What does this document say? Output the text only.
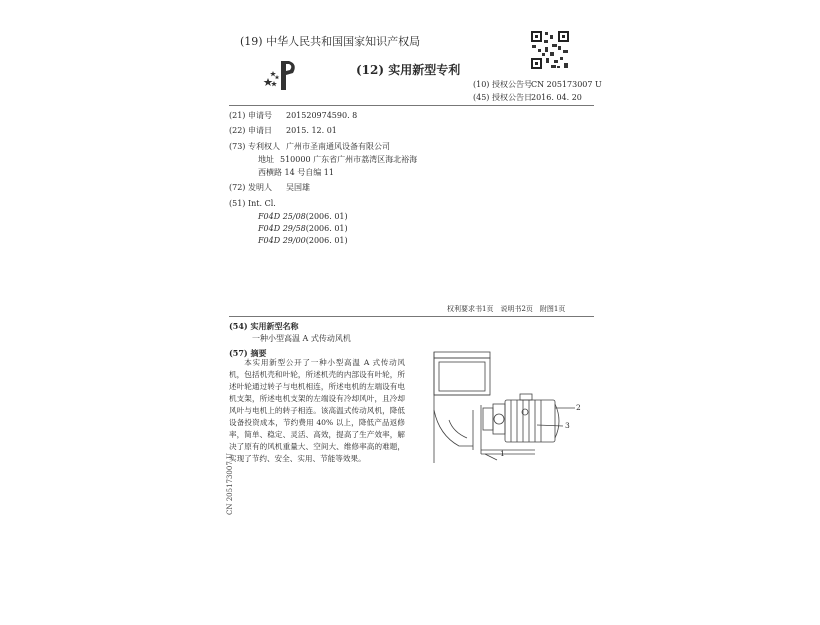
(19) 中华人民共和国国家知识产权局
(12) 实用新型专利
(10) 授权公告号 CN 205173007 U
(45) 授权公告日 2016. 04. 20
(21) 申请号 201520974590. 8
(22) 申请日 2015. 12. 01
(73) 专利权人 广州市圣南通风设备有限公司
地址 510000 广东省广州市荔湾区海北裕海
西横路 14 号自编 11
(72) 发明人 吴国雄
(51) Int. Cl.
F04D 25/08(2006. 01)
F04D 29/58(2006. 01)
F04D 29/00(2006. 01)
权利要求书1页　说明书2页　附图1页
(54) 实用新型名称
一种小型高温 A 式传动风机
(57) 摘要
本实用新型公开了一种小型高温 A 式传动风机，包括机壳和叶轮，所述机壳的内部设有叶轮，所述叶轮通过转子与电机相连，所述电机的左端设有电机支架，所述电机支架的左端设有冷却风叶，且冷却风叶与电机上的转子相连。该高温式传动风机，降低设备投资成本，节约费用 40% 以上，降低产品返修率，简单、稳定、灵活、高效，提高了生产效率，解决了原有的风机重量大、空间大、维修率高的难题，实现了节约、安全、实用、节能等效果。
2
3
1
CN 205173007 U
